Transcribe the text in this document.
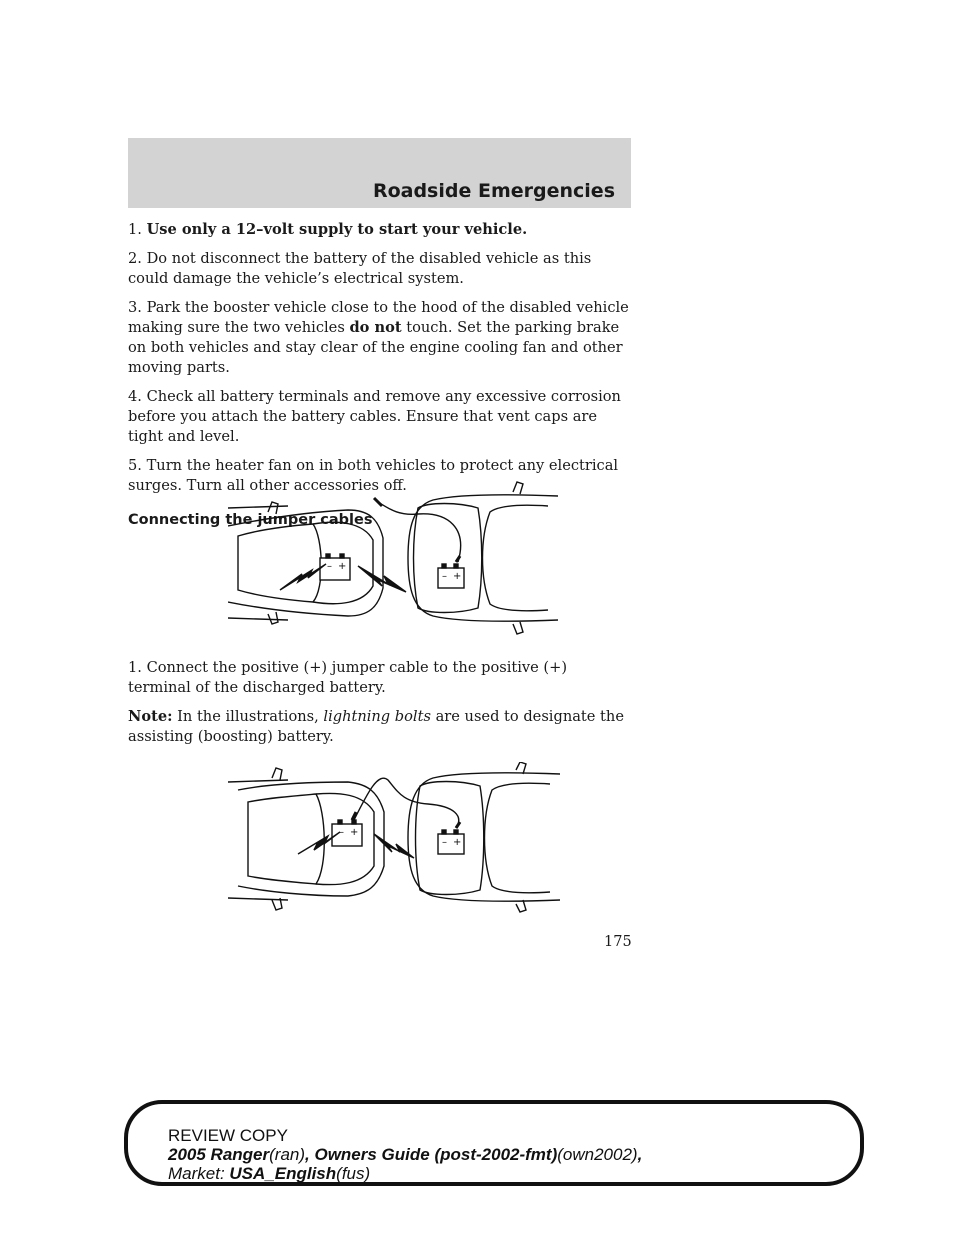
Roadside Emergencies

1. Use only a 12–volt supply to start your vehicle.

2. Do not disconnect the battery of the disabled vehicle as this could damage the vehicle’s electrical system.

3. Park the booster vehicle close to the hood of the disabled vehicle making sure the two vehicles do not touch. Set the parking brake on both vehicles and stay clear of the engine cooling fan and other moving parts.

4. Check all battery terminals and remove any excessive corrosion before you attach the battery cables. Ensure that vent caps are tight and level.

5. Turn the heater fan on in both vehicles to protect any electrical surges. Turn all other accessories off.

Connecting the jumper cables
– +
– +

1. Connect the positive (+) jumper cable to the positive (+) terminal of the discharged battery.

Note: In the illustrations, lightning bolts are used to designate the assisting (boosting) battery.

– +
– +
175
REVIEW COPY
2005 Ranger(ran), Owners Guide (post-2002-fmt)(own2002),
Market: USA_English(fus)
